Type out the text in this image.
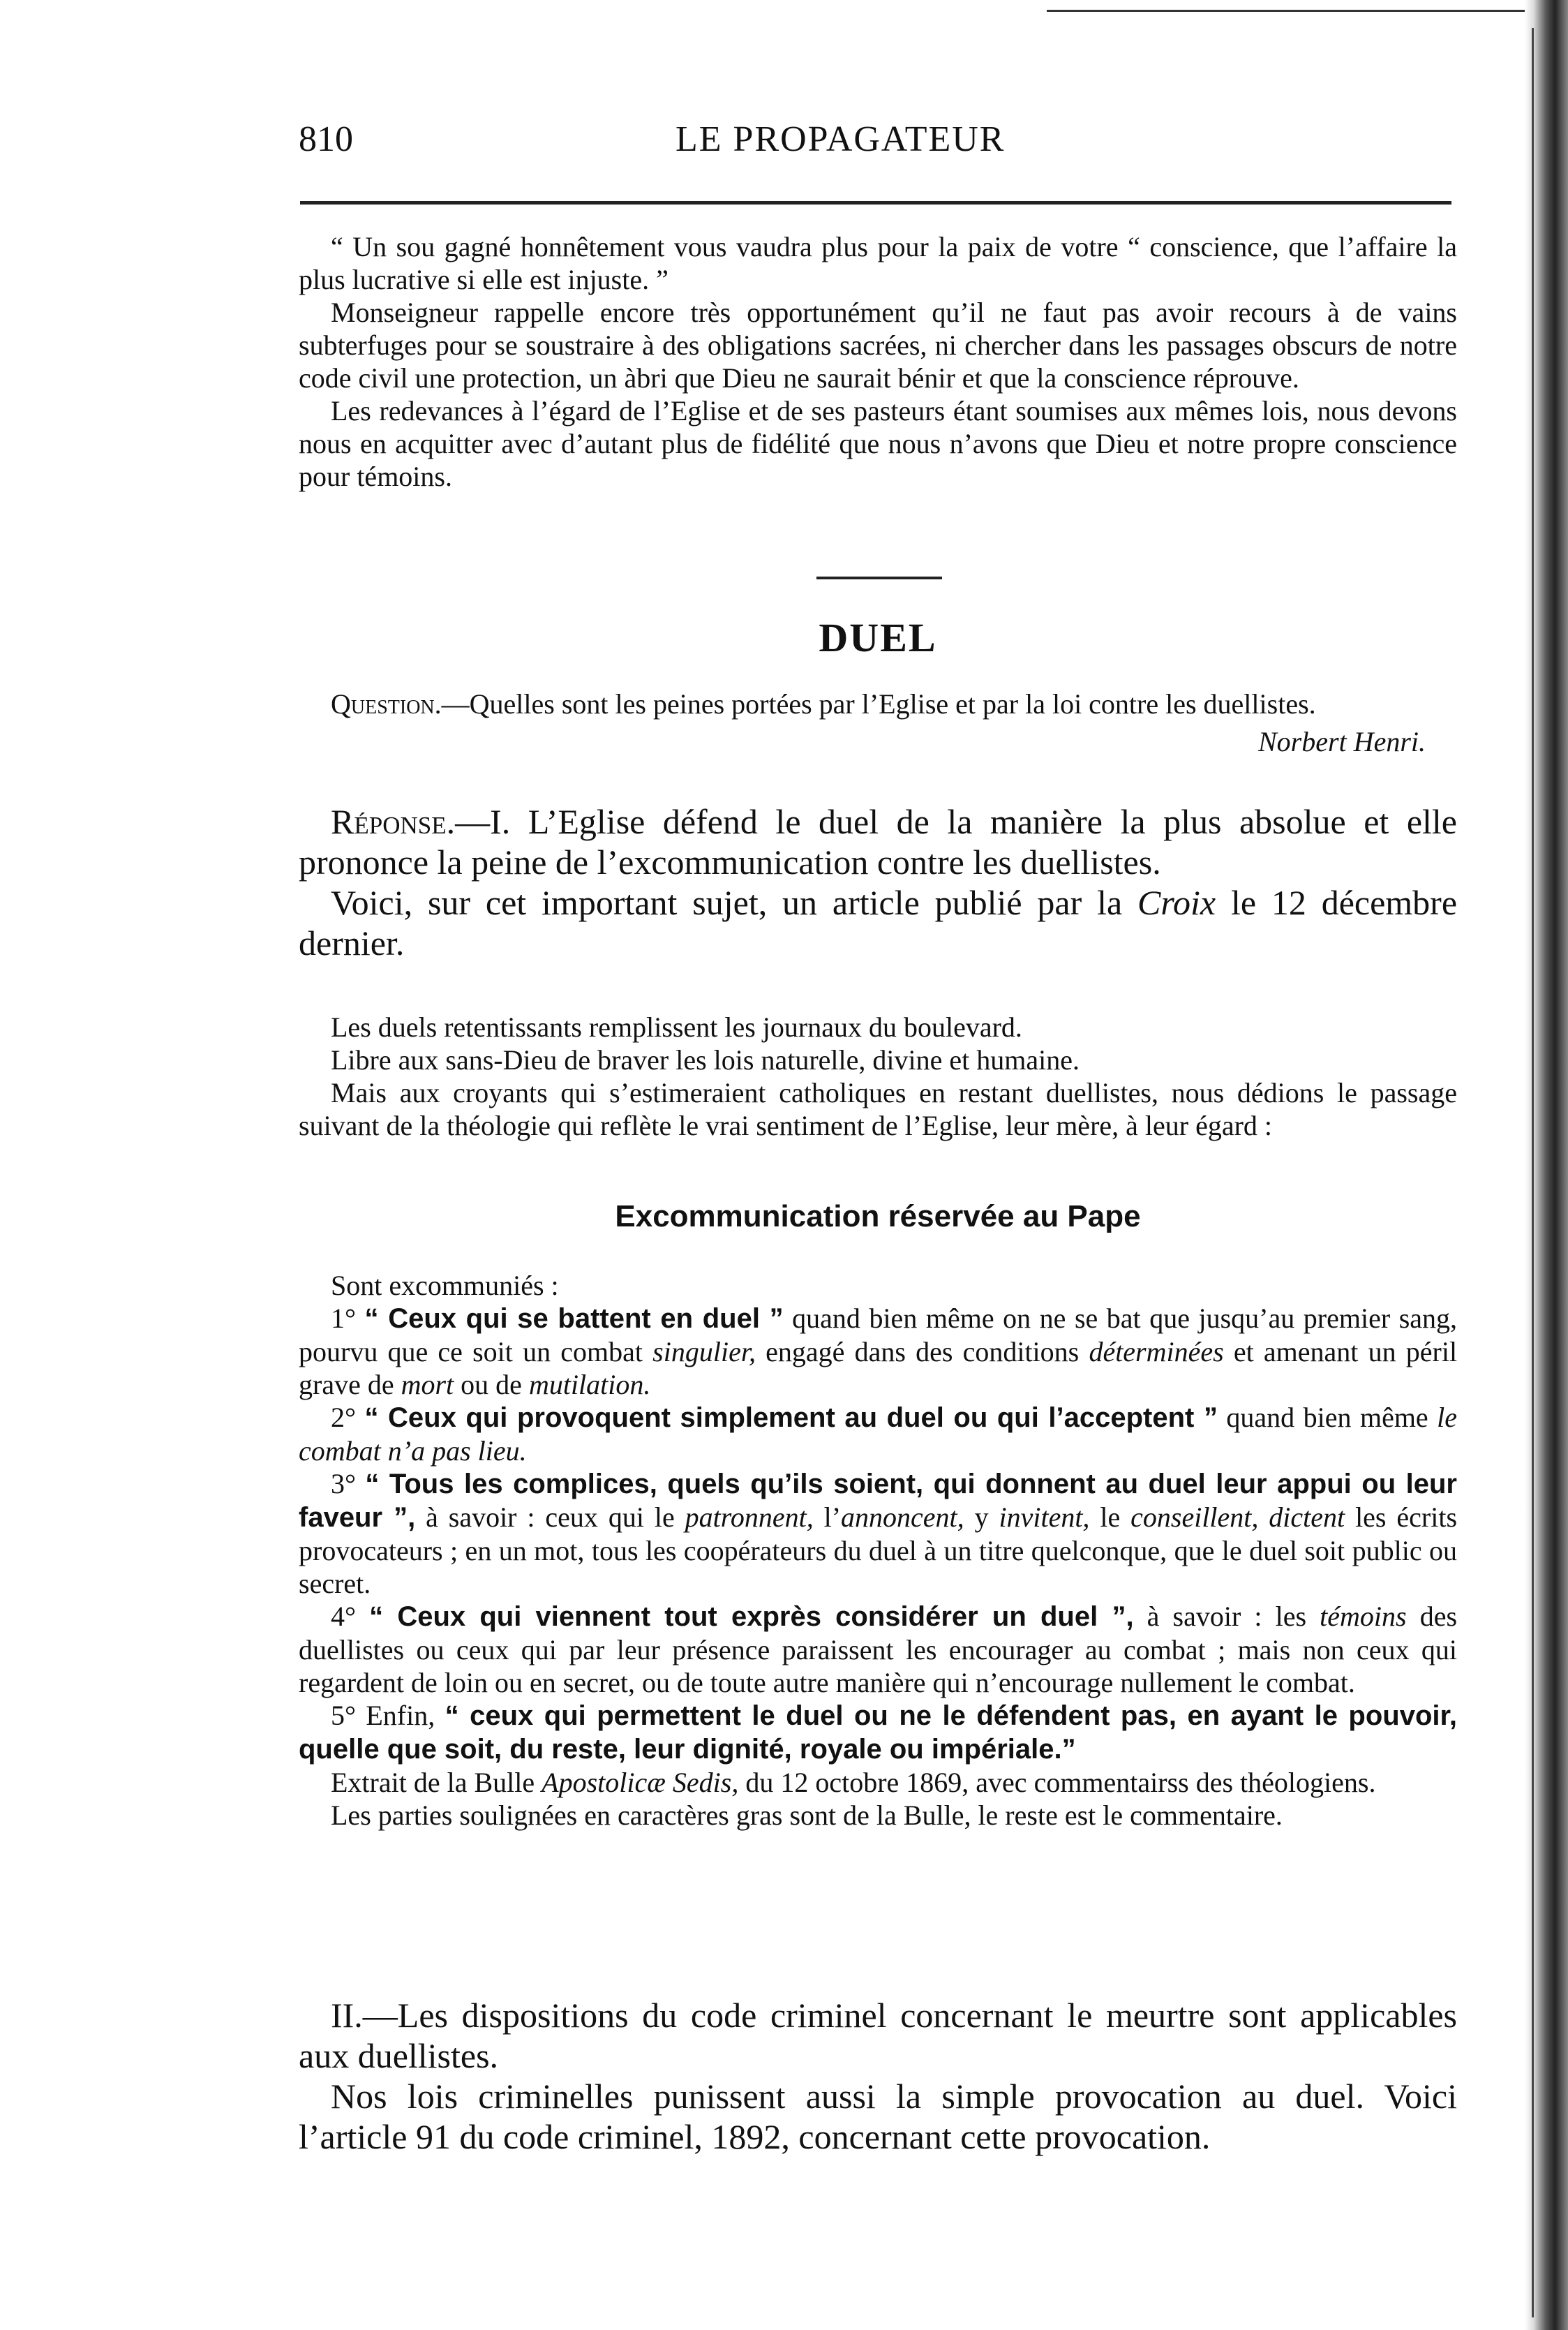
810	LE PROPAGATEUR

“ Un sou gagné honnêtement vous vaudra plus pour la paix de votre “ conscience, que l’affaire la plus lucrative si elle est injuste. ”

Monseigneur rappelle encore très opportunément qu’il ne faut pas avoir recours à de vains subterfuges pour se soustraire à des obligations sacrées, ni chercher dans les passages obscurs de notre code civil une protection, un àbri que Dieu ne saurait bénir et que la conscience réprouve.

Les redevances à l’égard de l’Eglise et de ses pasteurs étant soumises aux mêmes lois, nous devons nous en acquitter avec d’autant plus de fidélité que nous n’avons que Dieu et notre propre conscience pour témoins.

DUEL

Question.—Quelles sont les peines portées par l’Eglise et par la loi contre les duellistes.

Norbert Henri.

Réponse.—I. L’Eglise défend le duel de la manière la plus absolue et elle prononce la peine de l’excommunication contre les duellistes.

Voici, sur cet important sujet, un article publié par la Croix le 12 décembre dernier.

Les duels retentissants remplissent les journaux du boulevard.

Libre aux sans-Dieu de braver les lois naturelle, divine et humaine.

Mais aux croyants qui s’estimeraient catholiques en restant duellistes, nous dédions le passage suivant de la théologie qui reflète le vrai sentiment de l’Eglise, leur mère, à leur égard :

Excommunication réservée au Pape

Sont excommuniés :

1° “ Ceux qui se battent en duel ” quand bien même on ne se bat que jusqu’au premier sang, pourvu que ce soit un combat singulier, engagé dans des conditions déterminées et amenant un péril grave de mort ou de mutilation.

2° “ Ceux qui provoquent simplement au duel ou qui l’acceptent ” quand bien même le combat n’a pas lieu.

3° “ Tous les complices, quels qu’ils soient, qui donnent au duel leur appui ou leur faveur ”, à savoir : ceux qui le patronnent, l’annoncent, y invitent, le conseillent, dictent les écrits provocateurs ; en un mot, tous les coopérateurs du duel à un titre quelconque, que le duel soit public ou secret.

4° “ Ceux qui viennent tout exprès considérer un duel ”, à savoir : les témoins des duellistes ou ceux qui par leur présence paraissent les encourager au combat ; mais non ceux qui regardent de loin ou en secret, ou de toute autre manière qui n’encourage nullement le combat.

5° Enfin, “ ceux qui permettent le duel ou ne le défendent pas, en ayant le pouvoir, quelle que soit, du reste, leur dignité, royale ou impériale.”

Extrait de la Bulle Apostolicæ Sedis, du 12 octobre 1869, avec commentairss des théologiens.

Les parties soulignées en caractères gras sont de la Bulle, le reste est le commentaire.

II.—Les dispositions du code criminel concernant le meurtre sont applicables aux duellistes.

Nos lois criminelles punissent aussi la simple provocation au duel. Voici l’article 91 du code criminel, 1892, concernant cette provocation.
